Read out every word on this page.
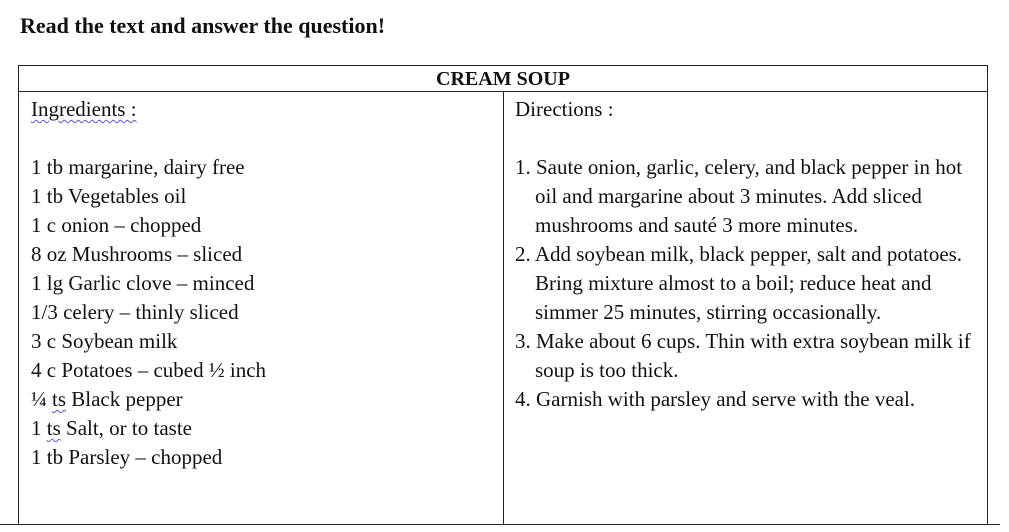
Read the text and answer the question!
CREAM SOUP
Ingredients :
1 tb margarine, dairy free
1 tb Vegetables oil
1 c onion – chopped
8 oz Mushrooms – sliced
1 lg Garlic clove – minced
1/3 celery – thinly sliced
3 c Soybean milk
4 c Potatoes – cubed ½ inch
¼ ts Black pepper
1 ts Salt, or to taste
1 tb Parsley – chopped
Directions :
1. Saute onion, garlic, celery, and black pepper in hot oil and margarine about 3 minutes. Add sliced mushrooms and sauté 3 more minutes.
2. Add soybean milk, black pepper, salt and potatoes. Bring mixture almost to a boil; reduce heat and simmer 25 minutes, stirring occasionally.
3. Make about 6 cups. Thin with extra soybean milk if soup is too thick.
4. Garnish with parsley and serve with the veal.
